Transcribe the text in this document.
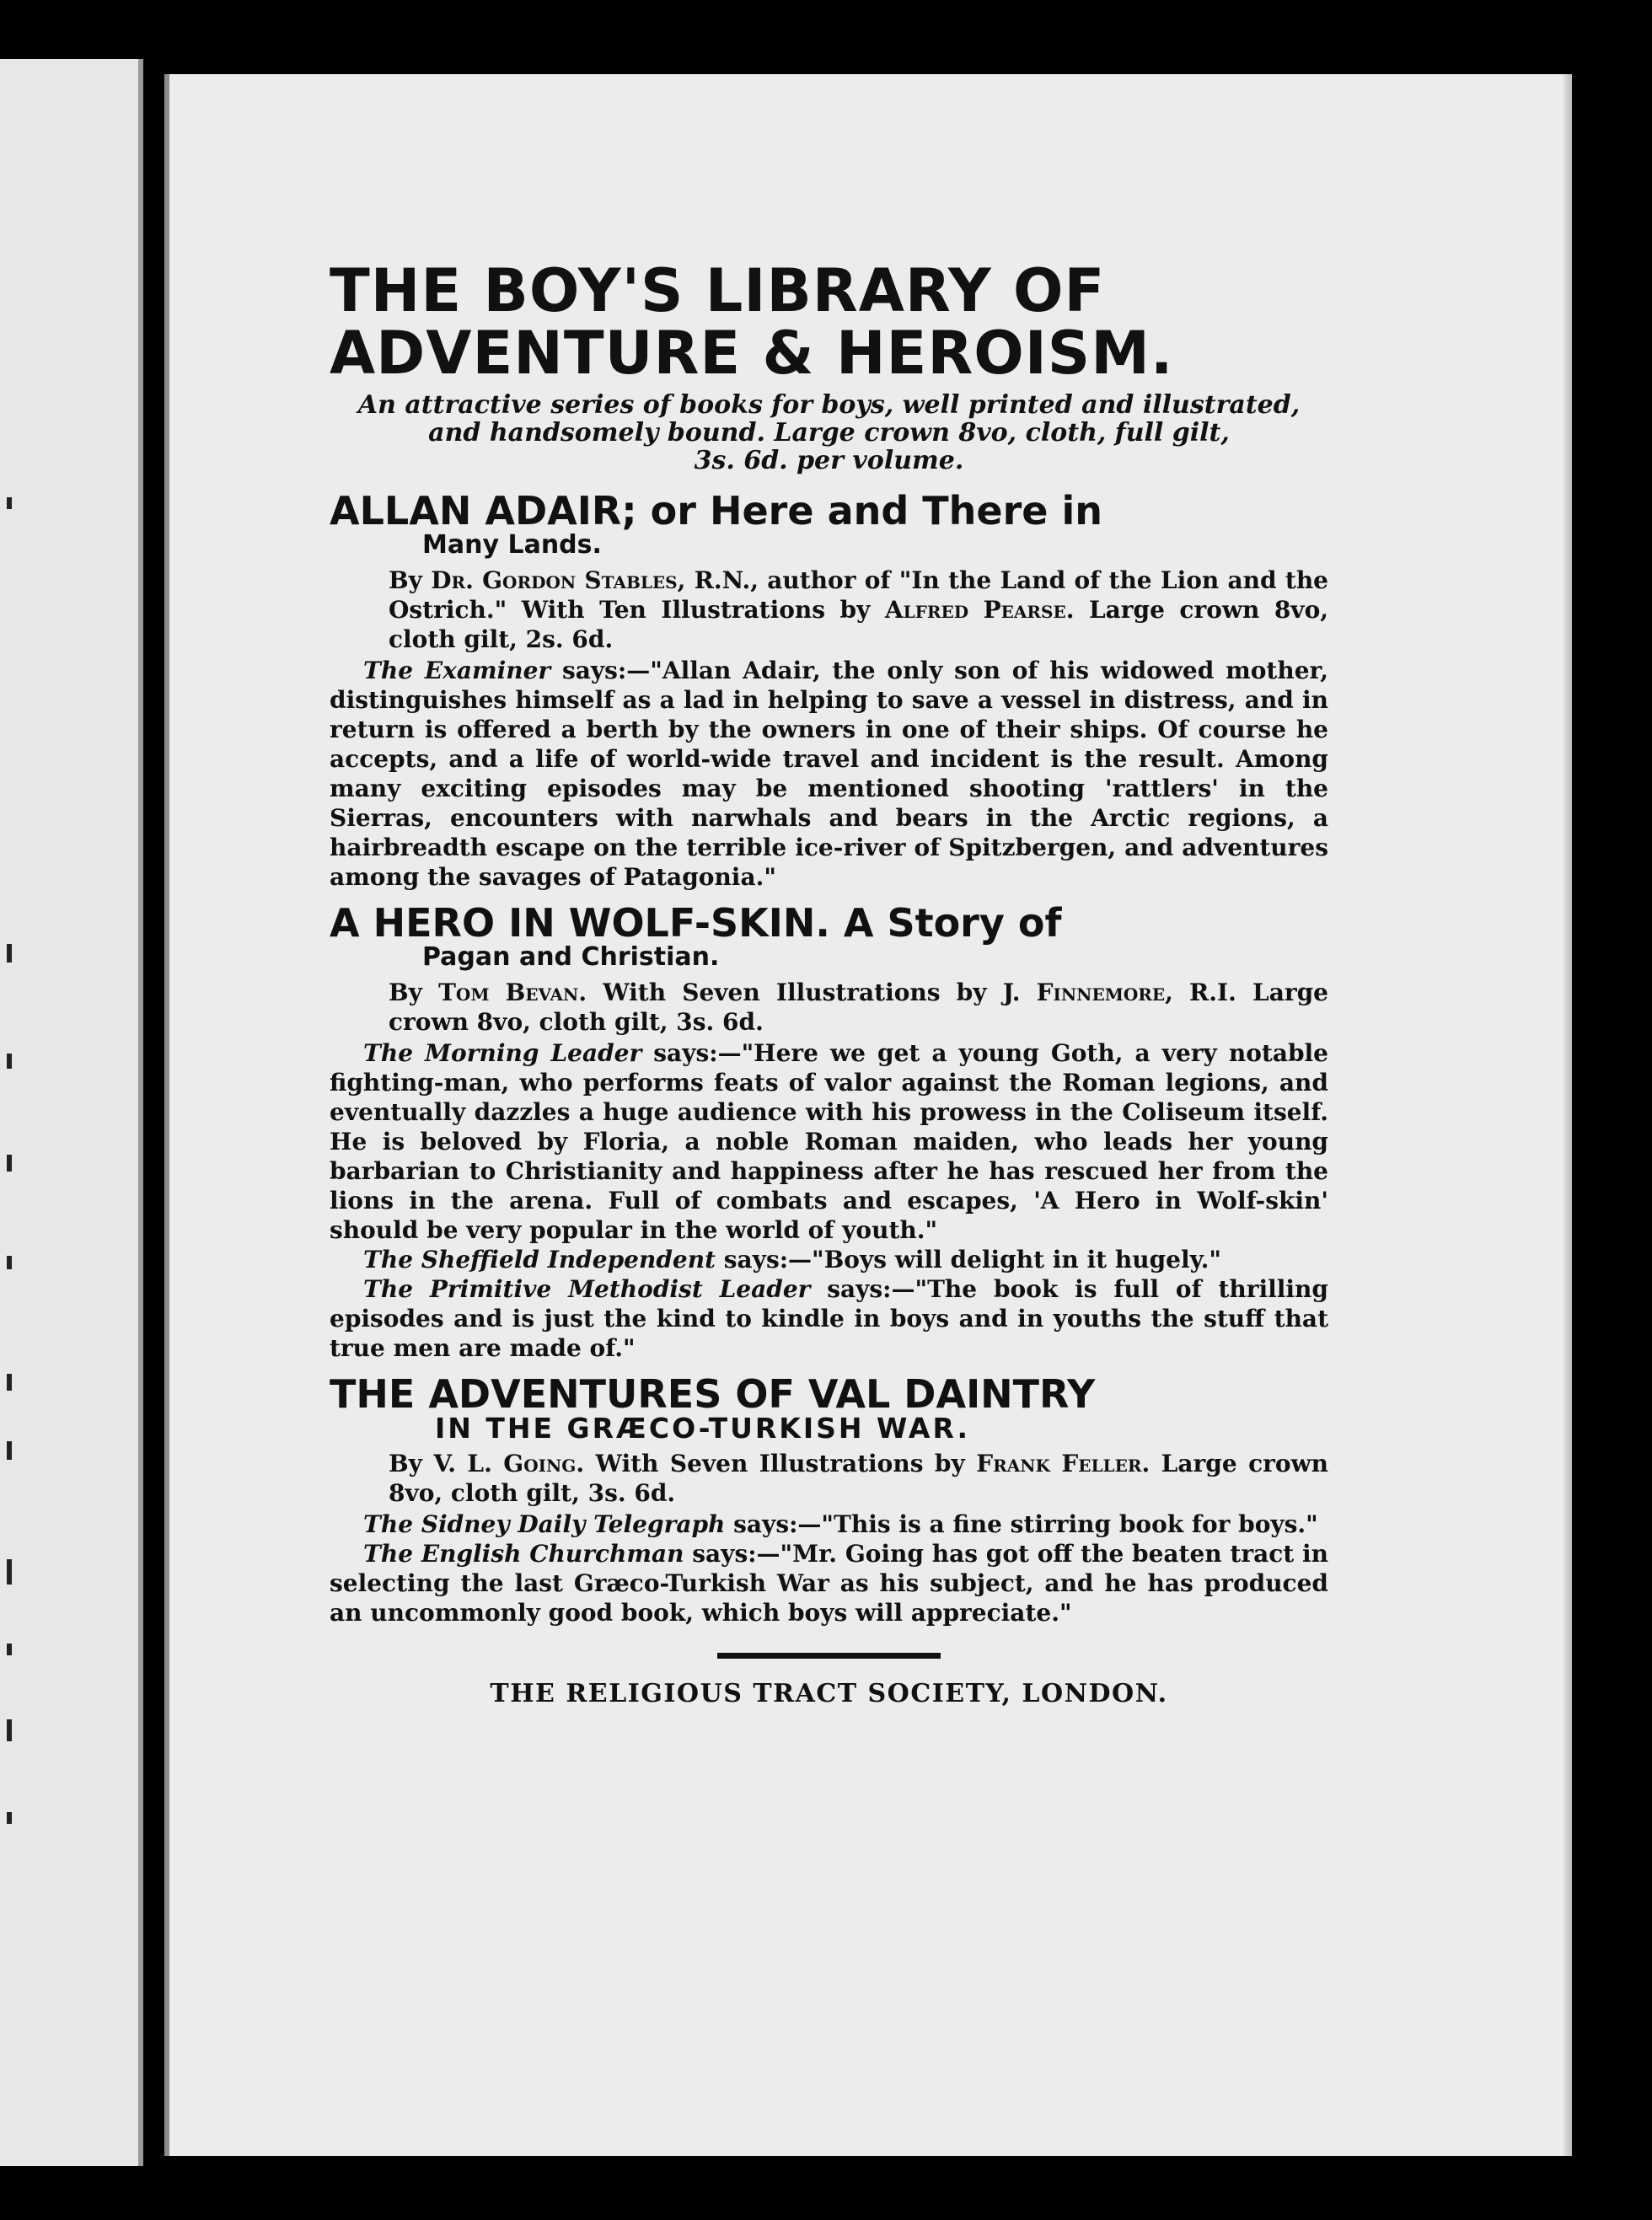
THE BOY'S LIBRARY OF
ADVENTURE & HEROISM.
An attractive series of books for boys, well printed and illustrated,
and handsomely bound. Large crown 8vo, cloth, full gilt,
3s. 6d. per volume.
ALLAN ADAIR; or Here and There in
Many Lands.

By Dr. Gordon Stables, R.N., author of "In the Land of the Lion and the Ostrich." With Ten Illustrations by Alfred Pearse. Large crown 8vo, cloth gilt, 2s. 6d.

The Examiner says:—"Allan Adair, the only son of his widowed mother, distinguishes himself as a lad in helping to save a vessel in distress, and in return is offered a berth by the owners in one of their ships. Of course he accepts, and a life of world-wide travel and incident is the result. Among many exciting episodes may be mentioned shooting 'rattlers' in the Sierras, encounters with narwhals and bears in the Arctic regions, a hairbreadth escape on the terrible ice-river of Spitzbergen, and adventures among the savages of Patagonia."

A HERO IN WOLF-SKIN. A Story of
Pagan and Christian.

By Tom Bevan. With Seven Illustrations by J. Finnemore, R.I. Large crown 8vo, cloth gilt, 3s. 6d.

The Morning Leader says:—"Here we get a young Goth, a very notable fighting-man, who performs feats of valor against the Roman legions, and eventually dazzles a huge audience with his prowess in the Coliseum itself. He is beloved by Floria, a noble Roman maiden, who leads her young barbarian to Christianity and happiness after he has rescued her from the lions in the arena. Full of combats and escapes, 'A Hero in Wolf-skin' should be very popular in the world of youth."

The Sheffield Independent says:—"Boys will delight in it hugely."

The Primitive Methodist Leader says:—"The book is full of thrilling episodes and is just the kind to kindle in boys and in youths the stuff that true men are made of."

THE ADVENTURES OF VAL DAINTRY
IN THE GRÆCO-TURKISH WAR.

By V. L. Going. With Seven Illustrations by Frank Feller. Large crown 8vo, cloth gilt, 3s. 6d.

The Sidney Daily Telegraph says:—"This is a fine stirring book for boys."

The English Churchman says:—"Mr. Going has got off the beaten tract in selecting the last Græco-Turkish War as his subject, and he has produced an uncommonly good book, which boys will appreciate."

THE RELIGIOUS TRACT SOCIETY, LONDON.
